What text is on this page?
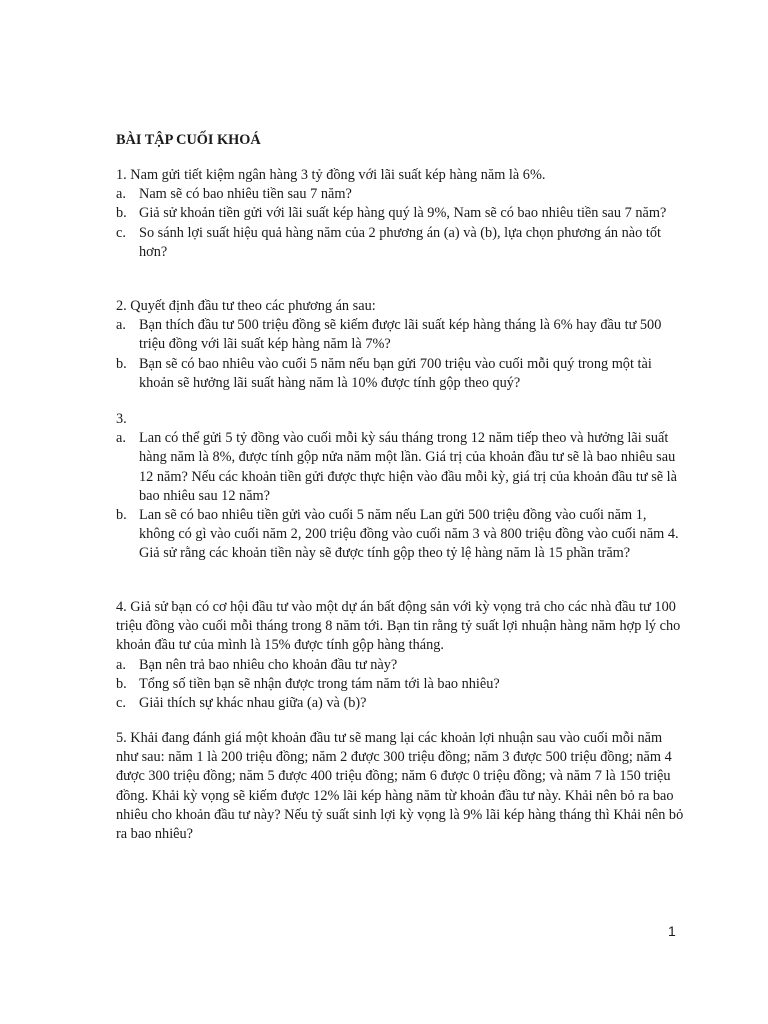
BÀI TẬP CUỐI KHOÁ

1. Nam gửi tiết kiệm ngân hàng 3 tỷ đồng với lãi suất kép hàng năm là 6%.

a. Nam sẽ có bao nhiêu tiền sau 7 năm?
b. Giả sử khoản tiền gửi với lãi suất kép hàng quý là 9%, Nam sẽ có bao nhiêu tiền sau 7 năm?
c. So sánh lợi suất hiệu quả hàng năm của 2 phương án (a) và (b), lựa chọn phương án nào tốt hơn?

2. Quyết định đầu tư theo các phương án sau:

a. Bạn thích đầu tư 500 triệu đồng sẽ kiếm được lãi suất kép hàng tháng là 6% hay đầu tư 500 triệu đồng với lãi suất kép hàng năm là 7%?
b. Bạn sẽ có bao nhiêu vào cuối 5 năm nếu bạn gửi 700 triệu vào cuối mỗi quý trong một tài khoản sẽ hưởng lãi suất hàng năm là 10% được tính gộp theo quý?

3.

a. Lan có thể gửi 5 tỷ đồng vào cuối mỗi kỳ sáu tháng trong 12 năm tiếp theo và hưởng lãi suất hàng năm là 8%, được tính gộp nửa năm một lần. Giá trị của khoản đầu tư sẽ là bao nhiêu sau 12 năm? Nếu các khoản tiền gửi được thực hiện vào đầu mỗi kỳ, giá trị của khoản đầu tư sẽ là bao nhiêu sau 12 năm?
b. Lan sẽ có bao nhiêu tiền gửi vào cuối 5 năm nếu Lan gửi 500 triệu đồng vào cuối năm 1, không có gì vào cuối năm 2, 200 triệu đồng vào cuối năm 3 và 800 triệu đồng vào cuối năm 4. Giả sử rằng các khoản tiền này sẽ được tính gộp theo tỷ lệ hàng năm là 15 phần trăm?

4. Giả sử bạn có cơ hội đầu tư vào một dự án bất động sản với kỳ vọng trả cho các nhà đầu tư 100 triệu đồng vào cuối mỗi tháng trong 8 năm tới. Bạn tin rằng tỷ suất lợi nhuận hàng năm hợp lý cho khoản đầu tư của mình là 15% được tính gộp hàng tháng.

a. Bạn nên trả bao nhiêu cho khoản đầu tư này?
b. Tổng số tiền bạn sẽ nhận được trong tám năm tới là bao nhiêu?
c. Giải thích sự khác nhau giữa (a) và (b)?

5. Khải đang đánh giá một khoản đầu tư sẽ mang lại các khoản lợi nhuận sau vào cuối mỗi năm như sau: năm 1 là 200 triệu đồng; năm 2 được 300 triệu đồng; năm 3 được 500 triệu đồng; năm 4 được 300 triệu đồng; năm 5 được 400 triệu đồng; năm 6 được 0 triệu đồng; và năm 7 là 150 triệu đồng. Khải kỳ vọng sẽ kiếm được 12% lãi kép hàng năm từ khoản đầu tư này. Khải nên bỏ ra bao nhiêu cho khoản đầu tư này? Nếu tỷ suất sinh lợi kỳ vọng là 9% lãi kép hàng tháng thì Khải nên bỏ ra bao nhiêu?

1
